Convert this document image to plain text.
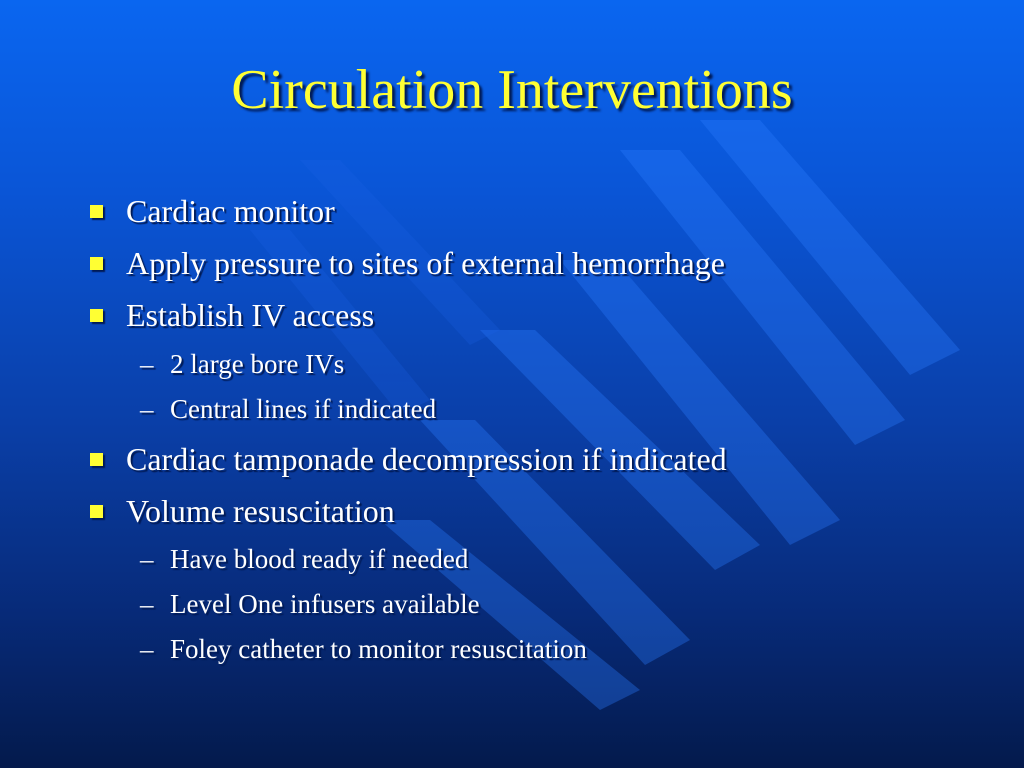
Circulation Interventions
Cardiac monitor
Apply pressure to sites of external hemorrhage
Establish IV access
– 2 large bore IVs
– Central lines if indicated
Cardiac tamponade decompression if indicated
Volume resuscitation
– Have blood ready if needed
– Level One infusers available
– Foley catheter to monitor resuscitation
